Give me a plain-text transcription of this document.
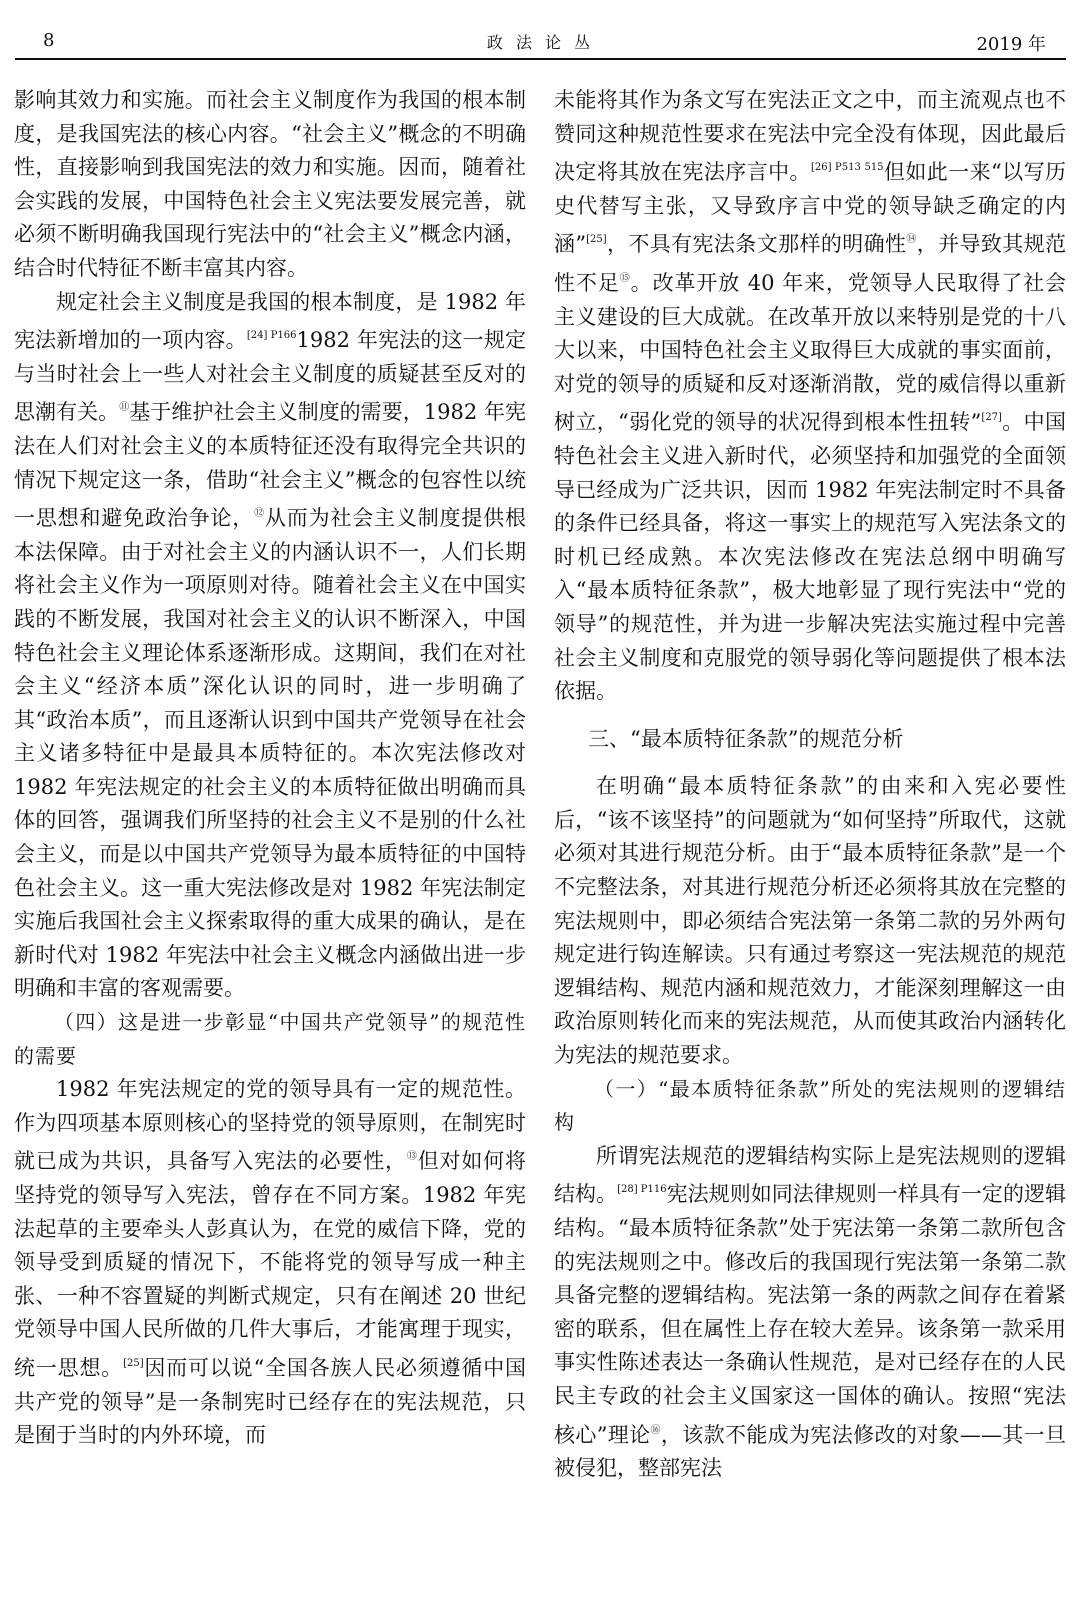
8	政 法 论 丛	2019 年

影响其效力和实施。而社会主义制度作为我国的根本制度，是我国宪法的核心内容。“社会主义”概念的不明确性，直接影响到我国宪法的效力和实施。因而，随着社会实践的发展，中国特色社会主义宪法要发展完善，就必须不断明确我国现行宪法中的“社会主义”概念内涵，结合时代特征不断丰富其内容。

规定社会主义制度是我国的根本制度，是 1982 年宪法新增加的一项内容。$^{[24] P166}$1982 年宪法的这一规定与当时社会上一些人对社会主义制度的质疑甚至反对的思潮有关。⑪基于维护社会主义制度的需要，1982 年宪法在人们对社会主义的本质特征还没有取得完全共识的情况下规定这一条，借助“社会主义”概念的包容性以统一思想和避免政治争论，⑫从而为社会主义制度提供根本法保障。由于对社会主义的内涵认识不一，人们长期将社会主义作为一项原则对待。随着社会主义在中国实践的不断发展，我国对社会主义的认识不断深入，中国特色社会主义理论体系逐渐形成。这期间，我们在对社会主义“经济本质”深化认识的同时，进一步明确了其“政治本质”，而且逐渐认识到中国共产党领导在社会主义诸多特征中是最具本质特征的。本次宪法修改对 1982 年宪法规定的社会主义的本质特征做出明确而具体的回答，强调我们所坚持的社会主义不是别的什么社会主义，而是以中国共产党领导为最本质特征的中国特色社会主义。这一重大宪法修改是对 1982 年宪法制定实施后我国社会主义探索取得的重大成果的确认，是在新时代对 1982 年宪法中社会主义概念内涵做出进一步明确和丰富的客观需要。

（四）这是进一步彰显“中国共产党领导”的规范性的需要

1982 年宪法规定的党的领导具有一定的规范性。作为四项基本原则核心的坚持党的领导原则，在制宪时就已成为共识，具备写入宪法的必要性，⑬但对如何将坚持党的领导写入宪法，曾存在不同方案。1982 年宪法起草的主要牵头人彭真认为，在党的威信下降，党的领导受到质疑的情况下，不能将党的领导写成一种主张、一种不容置疑的判断式规定，只有在阐述 20 世纪党领导中国人民所做的几件大事后，才能寓理于现实，统一思想。[25]因而可以说“全国各族人民必须遵循中国共产党的领导”是一条制宪时已经存在的宪法规范，只是囿于当时的内外环境，而

未能将其作为条文写在宪法正文之中，而主流观点也不赞同这种规范性要求在宪法中完全没有体现，因此最后决定将其放在宪法序言中。$^{[26] P513 515}$但如此一来“以写历史代替写主张，又导致序言中党的领导缺乏确定的内涵”[25]，不具有宪法条文那样的明确性⑭，并导致其规范性不足⑮。改革开放 40 年来，党领导人民取得了社会主义建设的巨大成就。在改革开放以来特别是党的十八大以来，中国特色社会主义取得巨大成就的事实面前，对党的领导的质疑和反对逐渐消散，党的威信得以重新树立，“弱化党的领导的状况得到根本性扭转”[27]。中国特色社会主义进入新时代，必须坚持和加强党的全面领导已经成为广泛共识，因而 1982 年宪法制定时不具备的条件已经具备，将这一事实上的规范写入宪法条文的时机已经成熟。本次宪法修改在宪法总纲中明确写入“最本质特征条款”，极大地彰显了现行宪法中“党的领导”的规范性，并为进一步解决宪法实施过程中完善社会主义制度和克服党的领导弱化等问题提供了根本法依据。

三、“最本质特征条款”的规范分析

在明确“最本质特征条款”的由来和入宪必要性后，“该不该坚持”的问题就为“如何坚持”所取代，这就必须对其进行规范分析。由于“最本质特征条款”是一个不完整法条，对其进行规范分析还必须将其放在完整的宪法规则中，即必须结合宪法第一条第二款的另外两句规定进行钩连解读。只有通过考察这一宪法规范的规范逻辑结构、规范内涵和规范效力，才能深刻理解这一由政治原则转化而来的宪法规范，从而使其政治内涵转化为宪法的规范要求。

（一）“最本质特征条款”所处的宪法规则的逻辑结构

所谓宪法规范的逻辑结构实际上是宪法规则的逻辑结构。$^{[28] P116}$宪法规则如同法律规则一样具有一定的逻辑结构。“最本质特征条款”处于宪法第一条第二款所包含的宪法规则之中。修改后的我国现行宪法第一条第二款具备完整的逻辑结构。宪法第一条的两款之间存在着紧密的联系，但在属性上存在较大差异。该条第一款采用事实性陈述表达一条确认性规范，是对已经存在的人民民主专政的社会主义国家这一国体的确认。按照“宪法核心”理论⑯，该款不能成为宪法修改的对象——其一旦被侵犯，整部宪法
